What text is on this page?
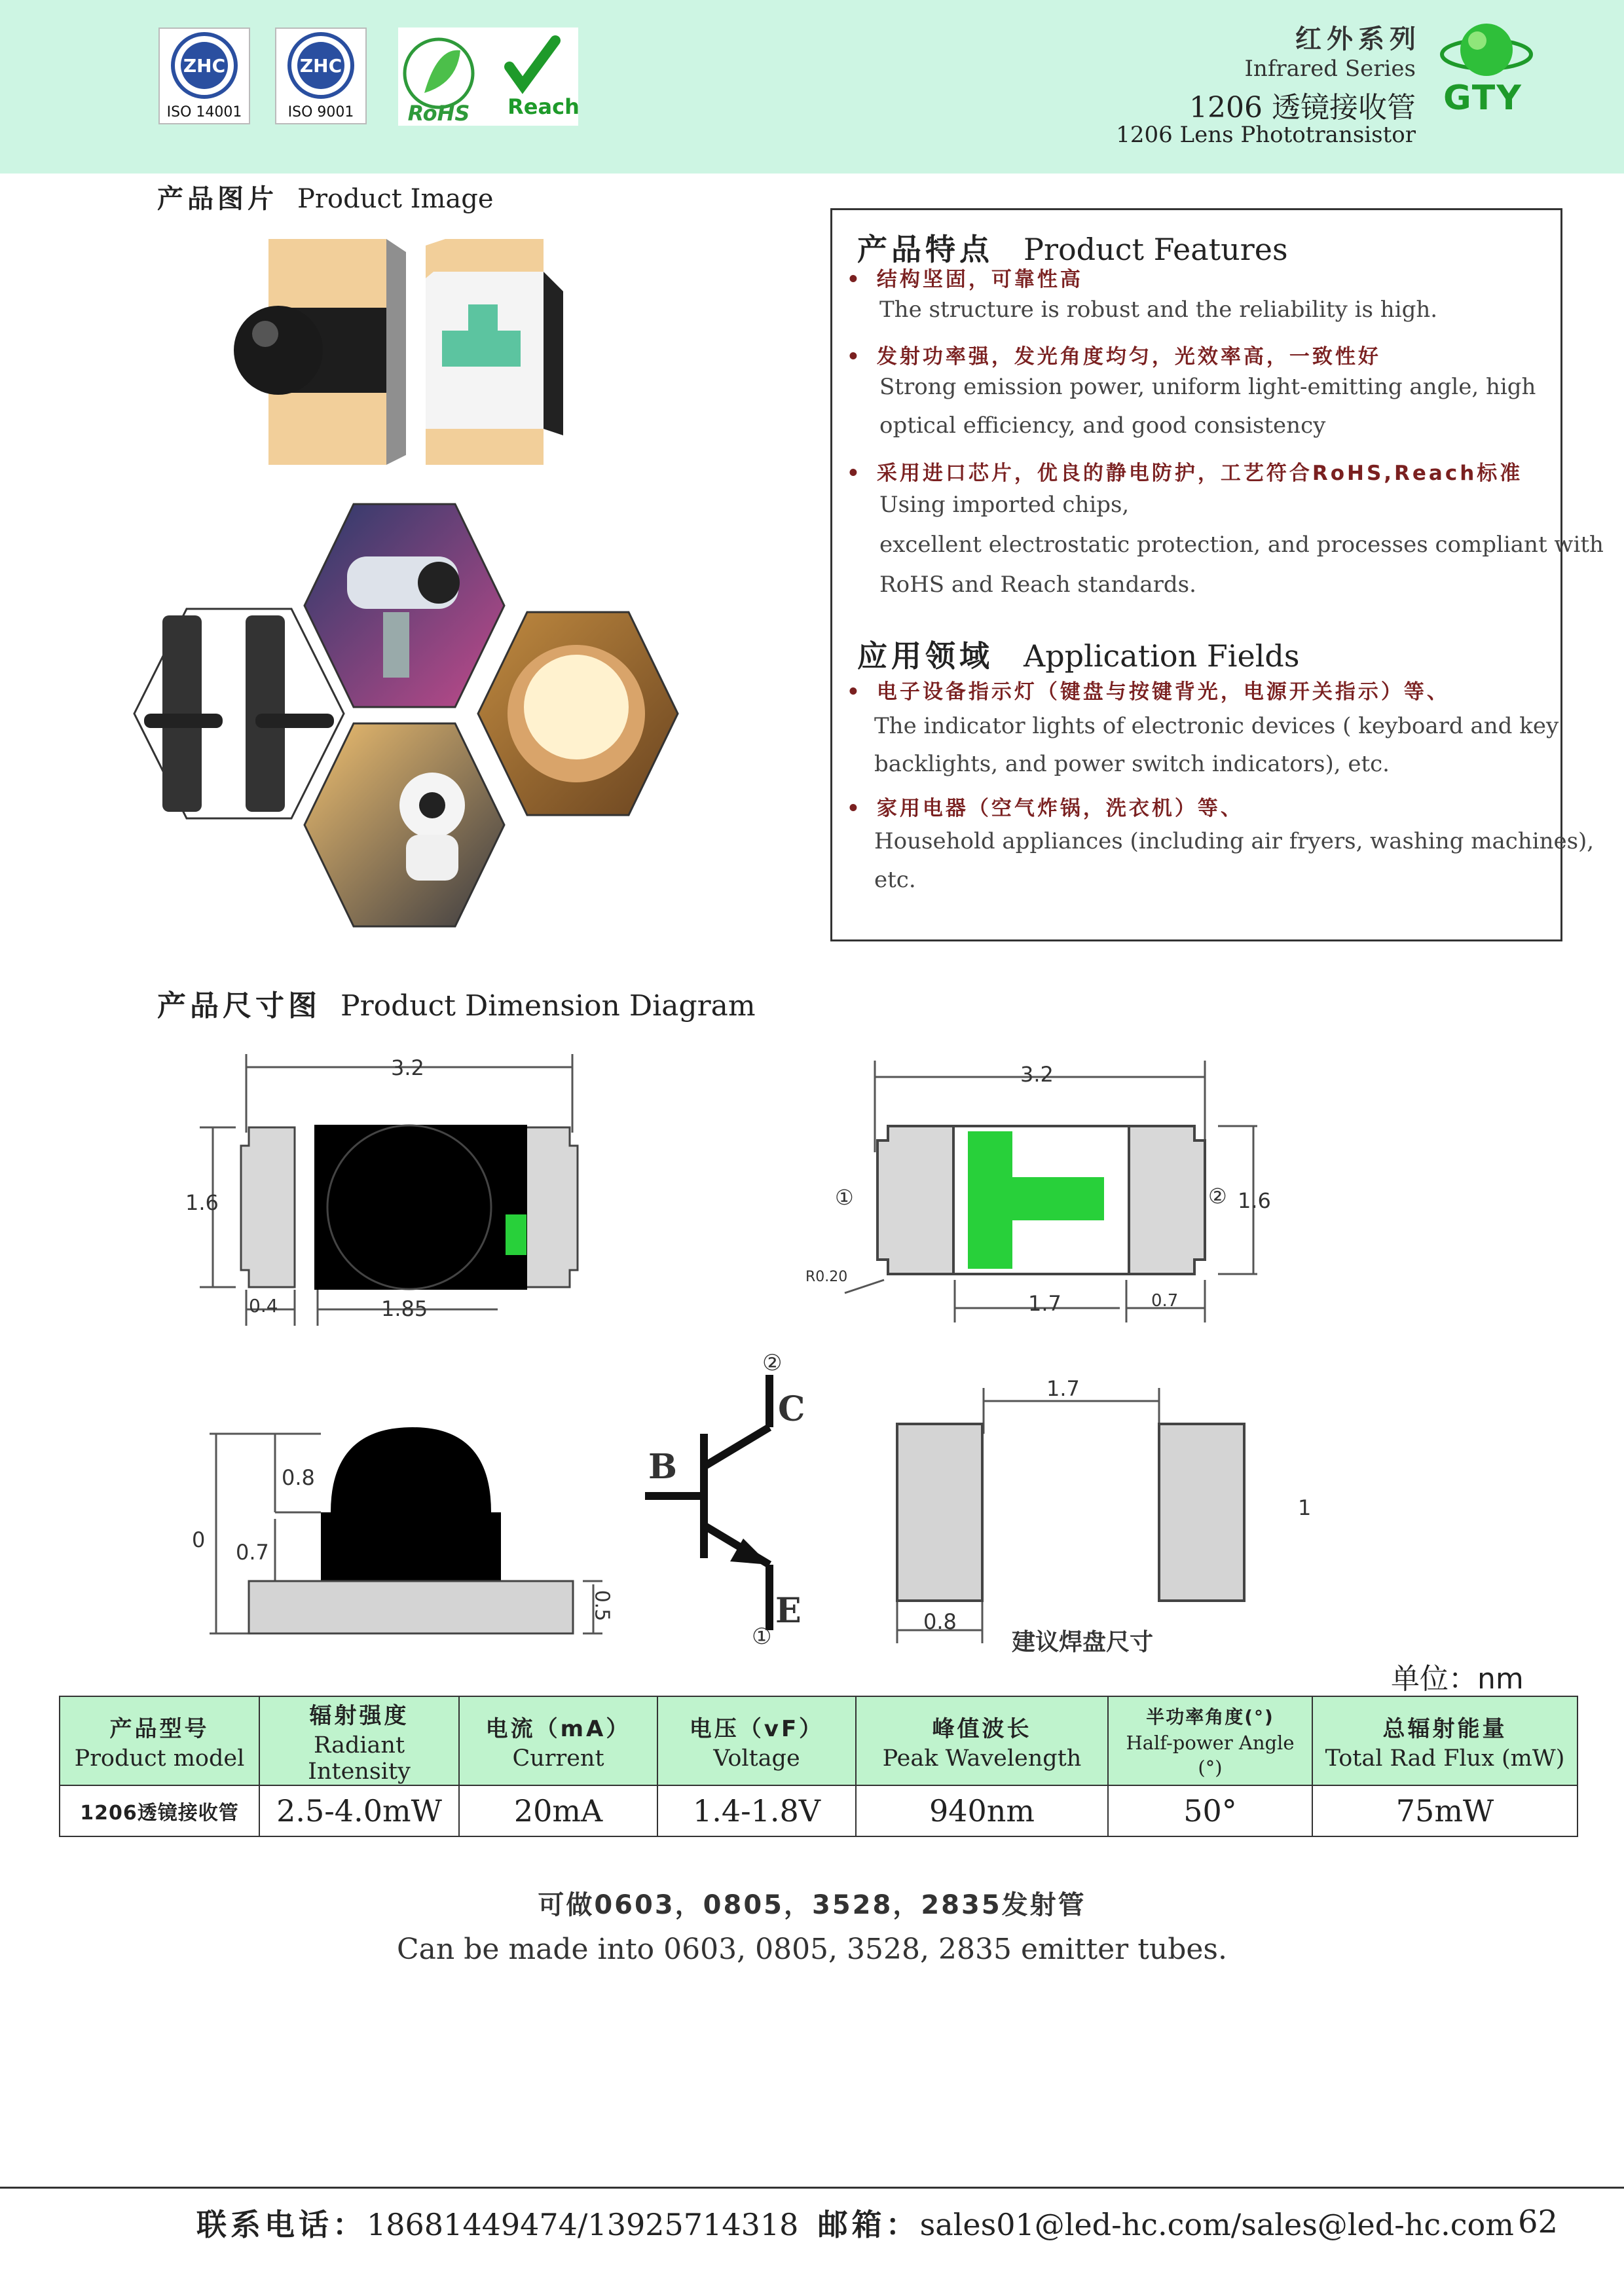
ZHC
ISO 14001
ZHC
ISO 9001	RoHS Reach
红外系列
Infrared Series
1206 透镜接收管
1206 Lens Phototransistor
GTY
产品图片 Product Image
产品特点 Product Features
• 结构坚固，可靠性高
The structure is robust and the reliability is high.
• 发射功率强，发光角度均匀，光效率高，一致性好
Strong emission power, uniform light-emitting angle, high
optical efficiency, and good consistency
• 采用进口芯片，优良的静电防护，工艺符合RoHS,Reach标准
Using imported chips,
excellent electrostatic protection, and processes compliant with
RoHS and Reach standards.
应用领域 Application Fields
• 电子设备指示灯（键盘与按键背光，电源开关指示）等、
The indicator lights of electronic devices ( keyboard and key
backlights, and power switch indicators), etc.
• 家用电器（空气炸锅，洗衣机）等、
Household appliances (including air fryers, washing machines),
etc.
产品尺寸图 Product Dimension Diagram
3.2
1.6
0.4	1.85
3.2
①	② 1.6
R0.20
1.7	0.7
0.8
0 0.7
0.5
②
C
B
E
①
1.7
1
0.8
建议焊盘尺寸
单位：nm
产品型号
Product model	辐射强度
Radiant Intensity	电流（mA）
Current	电压（vF）
Voltage	峰值波长
Peak Wavelength	半功率角度(°)
Half-power Angle
(°)	总辐射能量
Total Rad Flux (mW)

1206透镜接收管	2.5-4.0mW	20mA	1.4-1.8V	940nm	50°	75mW
可做0603，0805，3528，2835发射管
Can be made into 0603, 0805, 3528, 2835 emitter tubes.
联系电话：18681449474/13925714318 邮箱：sales01@led-hc.com/sales@led-hc.com 62
